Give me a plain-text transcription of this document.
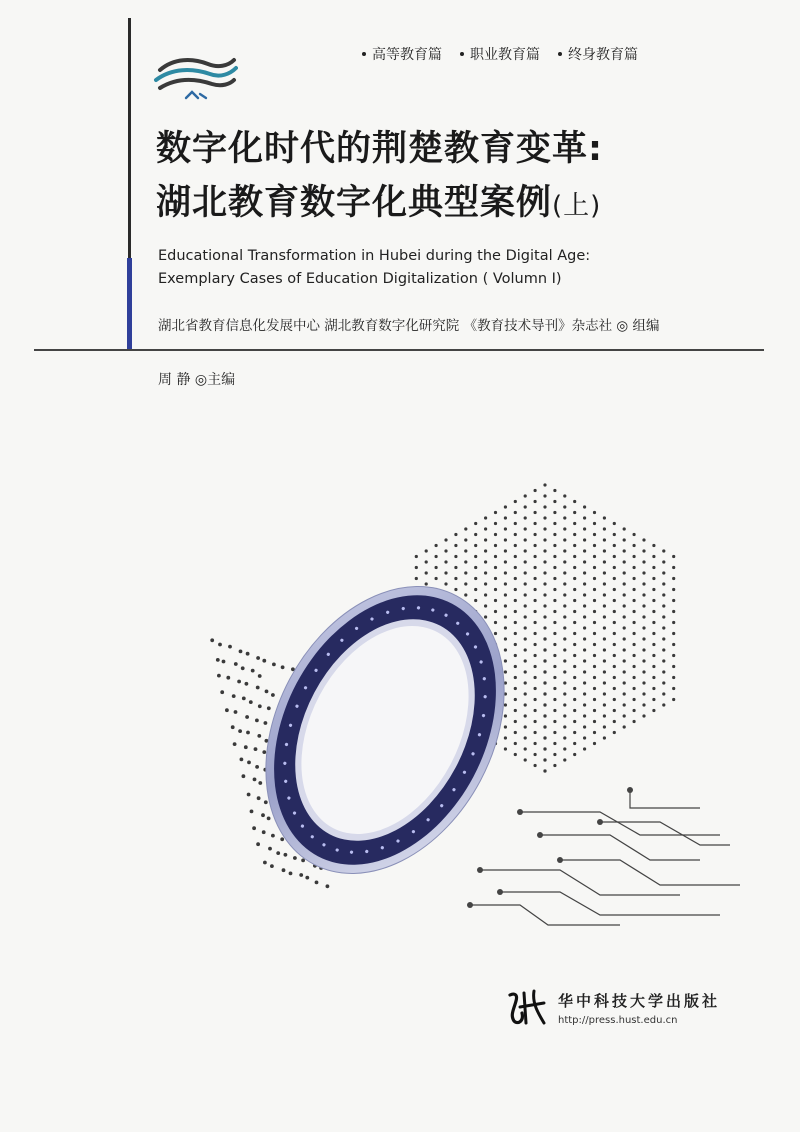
高等教育篇 职业教育篇 终身教育篇
数字化时代的荆楚教育变革:
湖北教育数字化典型案例(上)
Educational Transformation in Hubei during the Digital Age:
Exemplary Cases of Education Digitalization ( Volumn I)
湖北省教育信息化发展中心 湖北教育数字化研究院 《教育技术导刊》杂志社 ◎ 组编
周 静 ◎主编
华中科技大学出版社
http://press.hust.edu.cn
